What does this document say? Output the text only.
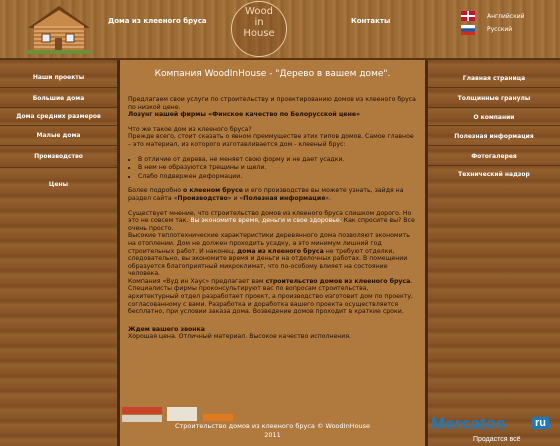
Дома из клееного бруса
Wood
in
House
Контакты
Английский
Русский
Наши проекты
Большие дома
Дома средних размеров
Малые дома
Производство
Цены
Главная страница
Толщинные гранулы
О компании
Полезная информация
Фотогалерея
Технический надзор
Компания WoodInHouse - "Дерево в вашем доме".

Предлагаем свои услуги по строительству и проектированию домов из клееного бруса по низкой цене.
Лозунг нашей фирмы «Финское качество по Белорусской цене»

Что же такое дом из клееного бруса?
Прежде всего, стоит сказать о явном преимуществе этих типов домов. Самое главное – это материал, из которого изготавливается дом - клееный брус:

• В отличие от дерева, не меняет свою форму и не дает усадки.
• В нем не образуются трещины и щели.
• Слабо подвержен деформации.

Более подробно о клееном брусе и его производстве вы можете узнать, зайдя на раздел сайта «Производство» и «Полезная информация».

Существует мнение, что строительство домов из клееного бруса слишком дорого. Но это не совсем так. Вы экономите время, деньги и свое здоровье. Как спросите вы? Все очень просто.
Высокие теплотехнические характеристики деревянного дома позволяют экономить на отоплении. Дом не должен проходить усадку, а это минимум лишний год строительных работ. И наконец, дома из клееного бруса не требуют отделки, следовательно, вы экономите время и деньги на отделочных работах. В помещении образуется благоприятный микроклимат, что по-особому влияет на состояние человека.
Компания «Вуд ин Хаус» предлагает вам строительство домов из клееного бруса. Специалисты фирмы проконсультируют вас по вопросам строительства, архитектурный отдел разработает проект, а производство изготовит дом по проекту, согласованному с вами. Разработка и доработка вашего проекта осуществляется бесплатно, при условии заказа дома. Возведение домов проходит в краткие сроки.

Ждем вашего звонка
Хорошая цена. Отличный материал. Высокое качество исполнения.

Строительство домов из клееного бруса © WoodInHouse
2011
Mercatos	ru
Продастся всё
